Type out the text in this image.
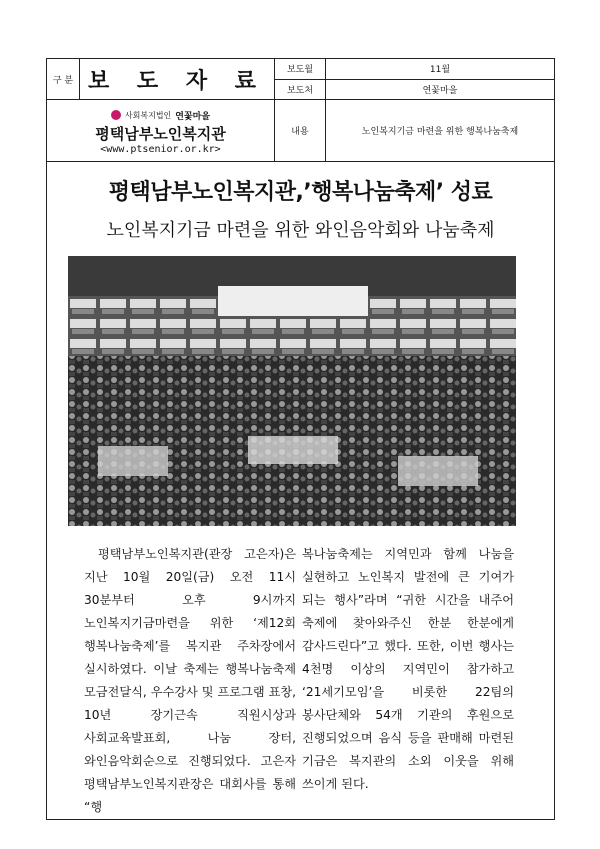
구 분	보 도 자 료	보도월	11월
		보도처	연꽃마을

사회복지법인 연꽃마을
평택남부노인복지관
<www.ptsenior.or.kr>		내용	노인복지기금 마련을 위한 행복나눔축제
평택남부노인복지관,’행복나눔축제’ 성료
노인복지기금 마련을 위한 와인음악회와 나눔축제
평택남부노인복지관(관장 고은자)은 지난 10월 20일(금) 오전 11시 30분부터 오후 9시까지 노인복지기금마련을 위한 ‘제12회 행복나눔축제’를 복지관 주차장에서 실시하였다. 이날 축제는 행복나눔축제 모금전달식, 우수강사 및 프로그램 표창, 10년 장기근속 직원시상과 사회교육발표회, 나눔 장터, 와인음악회순으로 진행되었다. 고은자 평택남부노인복지관장은 대회사를 통해 “행
복나눔축제는 지역민과 함께 나눔을 실현하고 노인복지 발전에 큰 기여가 되는 행사”라며 “귀한 시간을 내주어 축제에 찾아와주신 한분 한분에게 감사드린다”고 했다. 또한, 이번 행사는 4천명 이상의 지역민이 참가하고 ‘21세기모임’을 비롯한 22팀의 봉사단체와 54개 기관의 후원으로 진행되었으며 음식 등을 판매해 마련된 기금은 복지관의 소외 이웃을 위해 쓰이게 된다.
